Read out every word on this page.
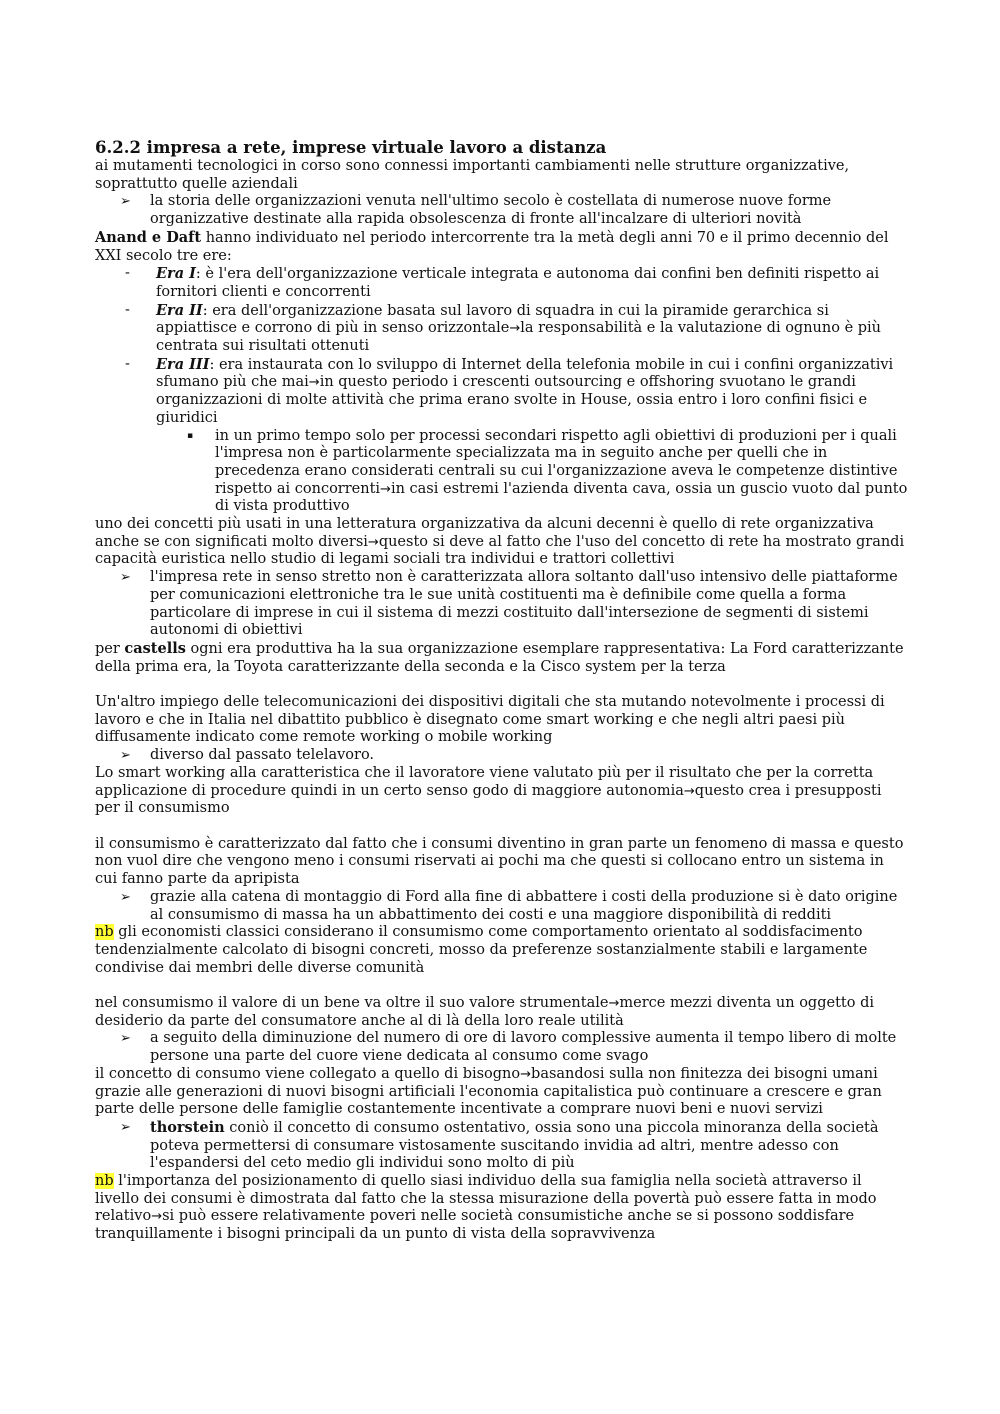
6.2.2 impresa a rete, imprese virtuale lavoro a distanza

ai mutamenti tecnologici in corso sono connessi importanti cambiamenti nelle strutture organizzative, soprattutto quelle aziendali

➢ la storia delle organizzazioni venuta nell'ultimo secolo è costellata di numerose nuove forme organizzative destinate alla rapida obsolescenza di fronte all'incalzare di ulteriori novità

Anand e Daft hanno individuato nel periodo intercorrente tra la metà degli anni 70 e il primo decennio del XXI secolo tre ere:

- Era I: è l'era dell'organizzazione verticale integrata e autonoma dai confini ben definiti rispetto ai fornitori clienti e concorrenti
- Era II: era dell'organizzazione basata sul lavoro di squadra in cui la piramide gerarchica si appiattisce e corrono di più in senso orizzontale→la responsabilità e la valutazione di ognuno è più centrata sui risultati ottenuti
- Era III: era instaurata con lo sviluppo di Internet della telefonia mobile in cui i confini organizzativi sfumano più che mai→in questo periodo i crescenti outsourcing e offshoring svuotano le grandi organizzazioni di molte attività che prima erano svolte in House, ossia entro i loro confini fisici e giuridici
▪ in un primo tempo solo per processi secondari rispetto agli obiettivi di produzioni per i quali l'impresa non è particolarmente specializzata ma in seguito anche per quelli che in precedenza erano considerati centrali su cui l'organizzazione aveva le competenze distintive rispetto ai concorrenti→in casi estremi l'azienda diventa cava, ossia un guscio vuoto dal punto di vista produttivo

uno dei concetti più usati in una letteratura organizzativa da alcuni decenni è quello di rete organizzativa anche se con significati molto diversi→questo si deve al fatto che l'uso del concetto di rete ha mostrato grandi capacità euristica nello studio di legami sociali tra individui e trattori collettivi

➢ l'impresa rete in senso stretto non è caratterizzata allora soltanto dall'uso intensivo delle piattaforme per comunicazioni elettroniche tra le sue unità costituenti ma è definibile come quella a forma particolare di imprese in cui il sistema di mezzi costituito dall'intersezione de segmenti di sistemi autonomi di obiettivi

per castells ogni era produttiva ha la sua organizzazione esemplare rappresentativa: La Ford caratterizzante della prima era, la Toyota caratterizzante della seconda e la Cisco system per la terza

Un'altro impiego delle telecomunicazioni dei dispositivi digitali che sta mutando notevolmente i processi di lavoro e che in Italia nel dibattito pubblico è disegnato come smart working e che negli altri paesi più diffusamente indicato come remote working o mobile working

➢ diverso dal passato telelavoro.

Lo smart working alla caratteristica che il lavoratore viene valutato più per il risultato che per la corretta applicazione di procedure quindi in un certo senso godo di maggiore autonomia→questo crea i presupposti per il consumismo

il consumismo è caratterizzato dal fatto che i consumi diventino in gran parte un fenomeno di massa e questo non vuol dire che vengono meno i consumi riservati ai pochi ma che questi si collocano entro un sistema in cui fanno parte da apripista

➢ grazie alla catena di montaggio di Ford alla fine di abbattere i costi della produzione si è dato origine al consumismo di massa ha un abbattimento dei costi e una maggiore disponibilità di redditi

nb gli economisti classici considerano il consumismo come comportamento orientato al soddisfacimento tendenzialmente calcolato di bisogni concreti, mosso da preferenze sostanzialmente stabili e largamente condivise dai membri delle diverse comunità

nel consumismo il valore di un bene va oltre il suo valore strumentale→merce mezzi diventa un oggetto di desiderio da parte del consumatore anche al di là della loro reale utilità

➢ a seguito della diminuzione del numero di ore di lavoro complessive aumenta il tempo libero di molte persone una parte del cuore viene dedicata al consumo come svago

il concetto di consumo viene collegato a quello di bisogno→basandosi sulla non finitezza dei bisogni umani grazie alle generazioni di nuovi bisogni artificiali l'economia capitalistica può continuare a crescere e gran parte delle persone delle famiglie costantemente incentivate a comprare nuovi beni e nuovi servizi

➢ thorstein coniò il concetto di consumo ostentativo, ossia sono una piccola minoranza della società poteva permettersi di consumare vistosamente suscitando invidia ad altri, mentre adesso con l'espandersi del ceto medio gli individui sono molto di più

nb l'importanza del posizionamento di quello siasi individuo della sua famiglia nella società attraverso il livello dei consumi è dimostrata dal fatto che la stessa misurazione della povertà può essere fatta in modo relativo→si può essere relativamente poveri nelle società consumistiche anche se si possono soddisfare tranquillamente i bisogni principali da un punto di vista della sopravvivenza
